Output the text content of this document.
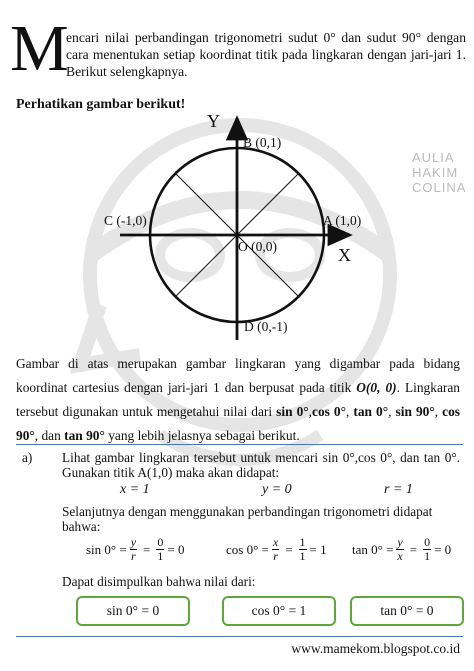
AULIA HAKIM COLINA
M
encari nilai perbandingan trigonometri sudut 0° dan sudut 90° dengan cara menentukan setiap koordinat titik pada lingkaran dengan jari-jari 1. Berikut selengkapnya.
Perhatikan gambar berikut!
Y
X
B (0,1)
C (-1,0)	A (1,0)
O (0,0)
D (0,-1)
Gambar di atas merupakan gambar lingkaran yang digambar pada bidang koordinat cartesius dengan jari-jari 1 dan berpusat pada titik O(0, 0). Lingkaran tersebut digunakan untuk mengetahui nilai dari sin 0°,cos 0°, tan 0°, sin 90°, cos 90°, dan tan 90° yang lebih jelasnya sebagai berikut.
a) Lihat gambar lingkaran tersebut untuk mencari sin 0°,cos 0°, dan tan 0°. Gunakan titik A(1,0) maka akan didapat:
x = 1	y = 0	r = 1
Selanjutnya dengan menggunakan perbandingan trigonometri didapat bahwa:
$\sin 0^\circ = \frac{y}{r} = \frac{0}{1} = 0$	$\cos 0^\circ = \frac{x}{r} = \frac{1}{1} = 1$ $\tan 0^\circ = \frac{y}{x} = \frac{0}{1} = 0$
Dapat disimpulkan bahwa nilai dari:
sin 0° = 0	cos 0° = 1	tan 0° = 0
www.mamekom.blogspot.co.id
